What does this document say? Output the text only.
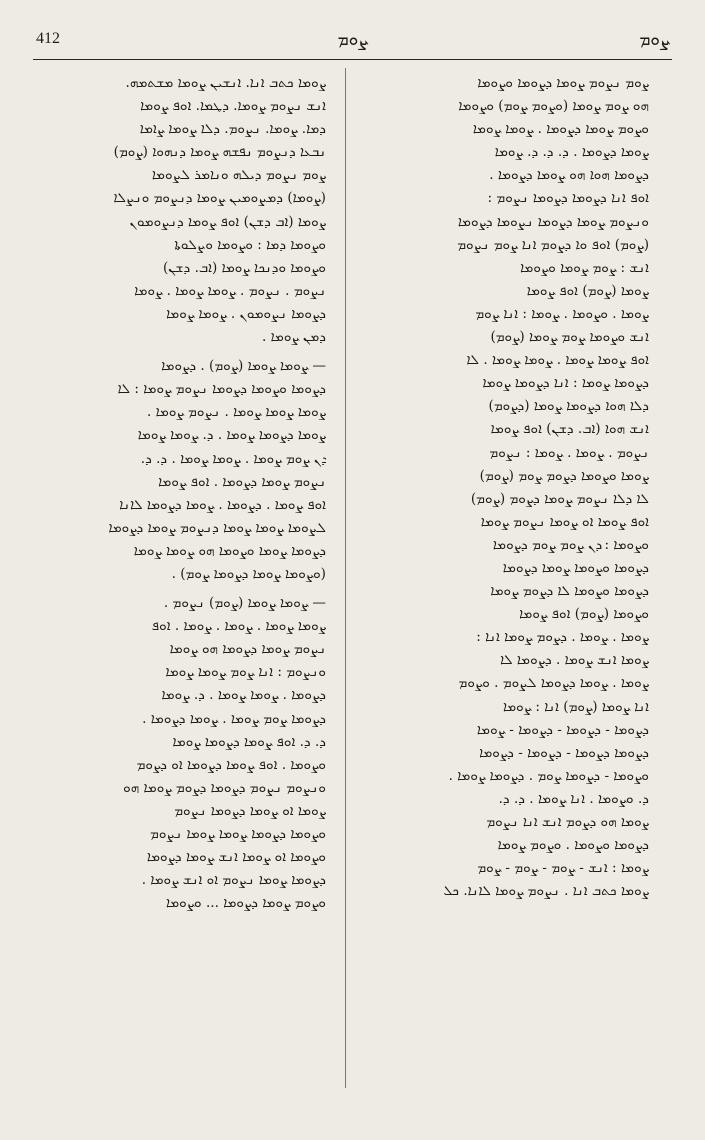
412	ܨܘܡ	ܨܘܡ
ܨܘܡܐ ܟܬܒ ܐܢܐ. ܐܢܫܝܢ ܨܘܡܐ ܡܫܬܡܗ.
ܐܢܫ ܢܨܘܡ ܨܘܡܐ. ܕܛܡܐ. ܐܘܦ ܨܘܡܐ
ܕܡܐ. ܨܘܡܐ. ܢܨܘܡ. ܕܠܐ ܨܘܡܐ ܨܐܡܐ
ܢܒܥܐ ܕܢܨܘܡ ܢܦܫܗ ܨܘܡܐ ܕܢܗܘܐ (ܨܘܡ)
ܨܘܡ ܢܨܘܡ ܕܝܠܗ ܘܢܐܡܪ ܠܨܘܡܐ
(ܨܘܡܐ) ܕܡܨܘܡܝܢ ܨܘܡܐ ܕܢܨܘܡ ܘܢܨܠܐ
ܨܘܡܐ (ܐܒ ܕܫܢ) ܐܘܦ ܨܘܡܐ ܕܢܨܘܡܘܢ
ܘܨܘܡܐ ܕܡܐ : ܘܨܘܡܐ ܘܨܠܘܬܐ
ܘܨܘܡܐ ܘܕܢܟܐ ܨܘܡܐ (ܐܒ. ܕܫܢ)
ܢܨܘܡ . ܢܨܘܡ . ܨܘܡܐ ܨܘܡܐ . ܨܘܡܐ
ܕܨܘܡܐ ܢܨܘܡܘܢ . ܨܘܡܐ ܨܘܡܐ
ܕܡܢ ܨܘܡܐ .
— ܨܘܡܐ ܨܘܡܐ (ܨܘܡ) . ܕܨܘܡܐ
ܕܨܘܡܐ ܘܨܘܡܐ ܕܨܘܡܐ ܢܨܘܡ ܨܘܡܐ : ܠܐ
ܨܘܡܐ ܨܘܡܐ ܨܘܡܐ . ܢܨܘܡ ܨܘܡܐ .
ܨܘܡܐ ܕܨܘܡܐ ܨܘܡܐ . ܕ. ܨܘܡܐ ܨܘܡܐ
ܕܢ ܨܘܡ ܨܘܡܐ . ܨܘܡܐ ܨܘܡܐ . ܕ. ܕ.
ܢܨܘܡ ܨܘܡܐ ܕܨܘܡܐ . ܐܘܦ ܨܘܡܐ
ܐܘܦ ܨܘܡܐ . ܕܨܘܡܐ . ܨܘܡܐ ܕܨܘܡܐ ܠܐܢܐ
ܠܨܘܡܐ ܨܘܡܐ ܨܘܡܐ ܕܢܨܘܡ ܨܘܡܐ ܕܨܘܡܐ
ܕܨܘܡܐ ܨܘܡܐ ܘܨܘܡܐ ܗܘ ܨܘܡܐ ܨܘܡܐ
(ܘܨܘܡܐ ܨܘܡܐ ܕܨܘܡܐ ܨܘܡ) .
— ܨܘܡܐ ܨܘܡܐ (ܨܘܡ) ܢܨܘܡ .
ܨܘܡܐ ܨܘܡܐ . ܨܘܡܐ . ܨܘܡܐ . ܐܘܦ
ܢܨܘܡ ܨܘܡܐ ܕܨܘܡܐ ܗܘ ܨܘܡܐ
ܘܢܨܘܡ : ܐܢܐ ܨܘܡ ܨܘܡܐ ܨܘܡܐ
ܕܨܘܡܐ . ܨܘܡܐ ܨܘܡܐ . ܕ. ܨܘܡܐ
ܕܨܘܡܐ ܨܘܡ ܨܘܡܐ . ܨܘܡܐ ܕܨܘܡܐ .
ܕ. ܕ. ܐܘܦ ܨܘܡܐ ܕܨܘܡܐ ܨܘܡܐ
ܘܨܘܡܐ . ܐܘܦ ܨܘܡܐ ܕܨܘܡܐ ܐܘ ܕܨܘܡ
ܘܢܨܘܡ ܢܨܘܡ ܕܨܘܡܐ ܕܨܘܡ ܨܘܡܐ ܗܘ
ܨܘܡܐ ܐܘ ܨܘܡܐ ܕܨܘܡܐ ܢܨܘܡ
ܘܨܘܡܐ ܕܨܘܡܐ ܨܘܡܐ ܨܘܡܐ ܢܨܘܡ
ܘܨܘܡܐ ܐܘ ܨܘܡܐ ܐܢܫ ܨܘܡܐ ܕܨܘܡܐ
ܕܨܘܡܐ ܨܘܡܐ ܢܨܘܡ ܐܘ ܐܢܫ ܨܘܡܐ .
ܘܨܘܡ ܨܘܡܐ ܕܨܘܡܐ ... ܘܨܘܡܐ
ܨܘܡ ܢܨܘܡ ܨܘܡܐ ܕܨܘܡܐ ܘܨܘܡܐ
ܗܘ ܨܘܡ ܨܘܡܐ (ܘܨܘܡ ܨܘܡ) ܘܨܘܡܐ
ܘܨܘܡ ܨܘܡܐ ܕܨܘܡܐ . ܨܘܡܐ ܨܘܡܐ
ܨܘܡܐ ܕܨܘܡܐ . ܕ. ܕ. ܕ. ܨܘܡܐ
ܕܨܘܡܐ ܗܘܐ ܗܘ ܨܘܡܐ ܕܨܘܡܐ .
ܐܘܦ ܐܢܐ ܕܨܘܡܐ ܕܨܘܡܐ ܢܨܘܡ :
ܘܢܨܘܡ ܨܘܡܐ ܕܨܘܡܐ ܢܨܘܡܐ ܕܨܘܡܐ
(ܨܘܡ) ܐܘܦ ܘܐ ܕܨܘܡ ܐܢܐ ܨܘܡ ܢܨܘܡ
ܐܢܫ : ܨܘܡ ܨܘܡܐ ܘܨܘܡܐ
ܨܘܡܐ (ܨܘܡ) ܐܘܦ ܨܘܡܐ
ܨܘܡܐ . ܘܨܘܡܐ . ܨܘܡܐ : ܐܢܐ ܨܘܡ
ܐܢܫ ܘܨܘܡܐ ܨܘܡ ܨܘܡܐ (ܨܘܡ)
ܐܘܦ ܨܘܡܐ ܨܘܡܐ . ܨܘܡܐ ܨܘܡܐ . ܠܐ
ܕܨܘܡܐ ܨܘܡܐ : ܐܢܐ ܕܨܘܡܐ ܨܘܡܐ
ܕܠܐ ܗܘܐ ܕܨܘܡܐ ܨܘܡܐ (ܕܨܘܡ)
ܐܢܫ ܗܘܐ (ܐܒ. ܕܫܢ) ܐܘܦ ܨܘܡܐ
ܢܨܘܡ . ܨܘܡܐ . ܨܘܡܐ : ܢܨܘܡ
ܨܘܡܐ ܘܨܘܡܐ ܕܨܘܡ ܨܘܡ (ܨܘܡ)
ܠܐ ܕܠܐ ܢܨܘܡ ܨܘܡܐ ܕܨܘܡ (ܨܘܡ)
ܐܘܦ ܨܘܡܐ ܐܘ ܨܘܡܐ ܢܨܘܡ ܨܘܡܐ
ܘܨܘܡܐ : ܕܢ ܨܘܡ ܨܘܡ ܕܨܘܡܐ
ܕܨܘܡܐ ܘܨܘܡܐ ܨܘܡܐ ܕܨܘܡܐ
ܕܨܘܡܐ ܘܨܘܡܐ ܠܐ ܕܨܘܡ ܨܘܡܐ
ܘܨܘܡܐ (ܨܘܡ) ܐܘܦ ܨܘܡܐ
ܨܘܡܐ . ܨܘܡܐ . ܕܨܘܡ ܨܘܡܐ ܐܢܐ :
ܨܘܡܐ ܐܢܫ ܨܘܡܐ . ܕܨܘܡܐ ܠܐ
ܨܘܡܐ . ܨܘܡܐ ܕܨܘܡܐ ܠܨܘܡ . ܘܨܘܡ
ܐܢܐ ܨܘܡܐ (ܨܘܡ) ܐܢܐ : ܨܘܡܐ
ܕܨܘܡܐ - ܕܨܘܡܐ - ܕܨܘܡܐ - ܨܘܡܐ
ܕܨܘܡܐ ܕܨܘܡܐ - ܕܨܘܡܐ - ܕܨܘܡܐ
ܘܨܘܡܐ - ܕܨܘܡܐ ܨܘܡ . ܕܨܘܡܐ ܨܘܡܐ .
ܕ. ܘܨܘܡܐ . ܐܢܐ ܨܘܡܐ . ܕ. ܕ.
ܨܘܡܐ ܗܘ ܕܨܘܡ ܐܢܫ ܐܢܐ ܢܨܘܡ
ܕܨܘܡܐ ܘܨܘܡܐ . ܘܨܘܡ ܨܘܡܐ
ܨܘܡܐ : ܐܢܫ - ܨܘܡ - ܨܘܡ - ܨܘܡ
ܨܘܡܐ ܟܬܒ ܐܢܐ . ܢܨܘܡ ܨܘܡܐ ܠܐܢܐ. ܟܠ
